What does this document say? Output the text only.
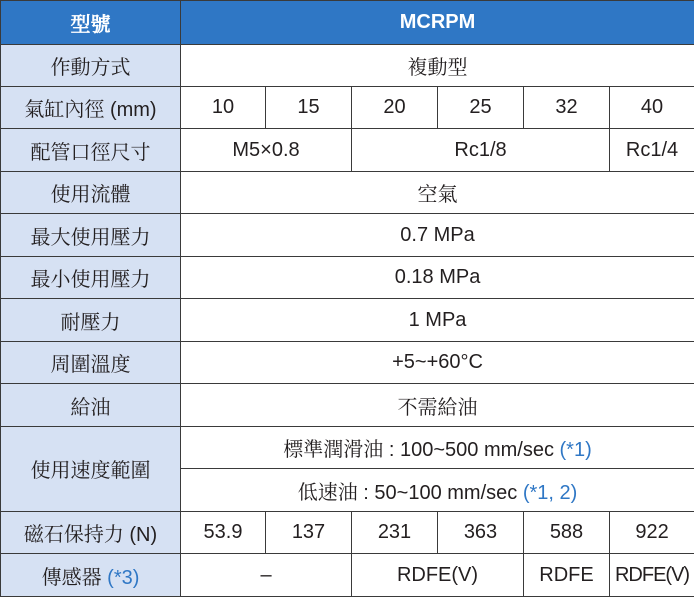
型號	MCRPM					
作動方式	複動型					
氣缸內徑 (mm)	10	15	20	25	32	40
配管口徑尺寸	M5×0.8		Rc1/8			Rc1/4
使用流體	空氣					
最大使用壓力	0.7 MPa					
最小使用壓力	0.18 MPa					
耐壓力	1 MPa					
周圍溫度	+5~+60°C					
給油	不需給油					
使用速度範圍	標準潤滑油 : 100~500 mm/sec (*1)					
	低速油 : 50~100 mm/sec (*1, 2)					
磁石保持力 (N)	53.9	137	231	363	588	922
傳感器 (*3)	–		RDFE(V)		RDFE	RDFE(V)
